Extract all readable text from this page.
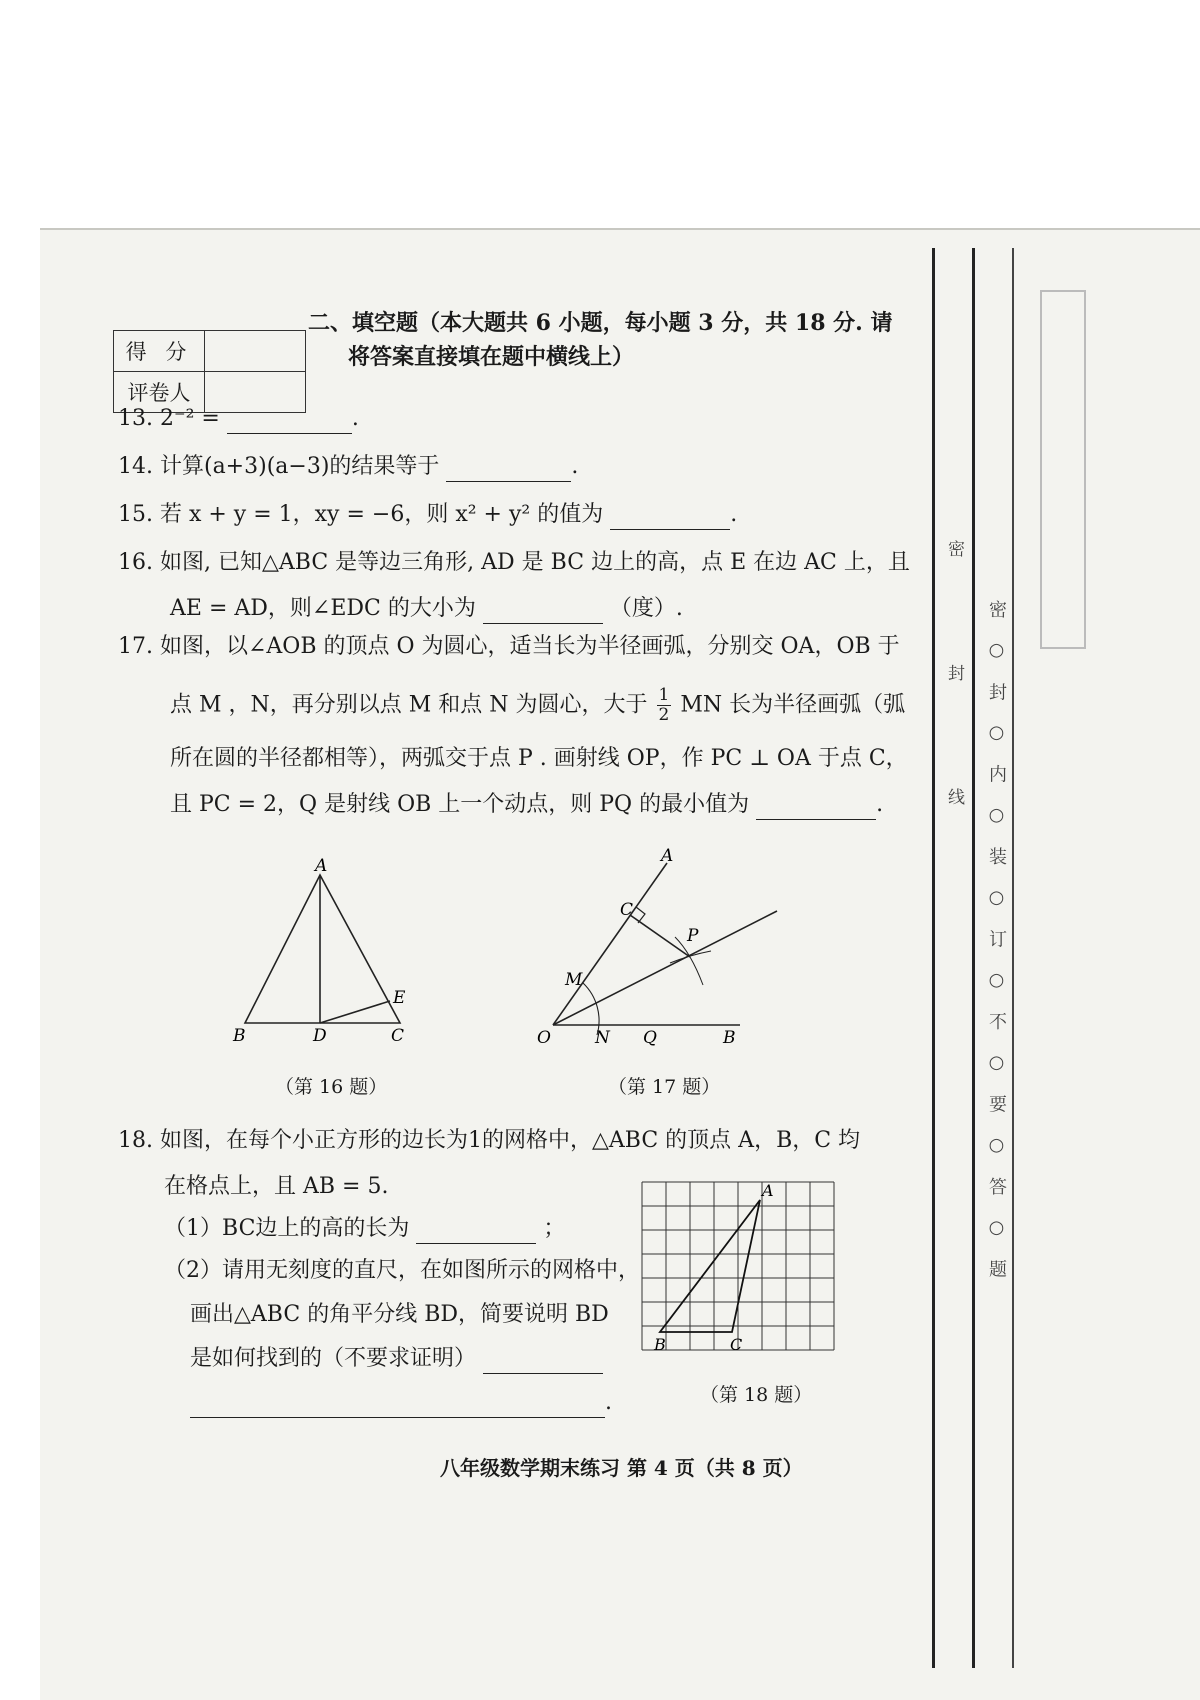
得 分	
评卷人	
二、填空题（本大题共 6 小题，每小题 3 分，共 18 分. 请
将答案直接填在题中横线上）
13. 2⁻² =	.
14. 计算(a+3)(a−3)的结果等于	.
15. 若 x + y = 1，xy = −6，则 x² + y² 的值为	.
16. 如图, 已知△ABC 是等边三角形, AD 是 BC 边上的高，点 E 在边 AC 上，且
AE = AD，则∠EDC 的大小为	（度）.
17. 如图，以∠AOB 的顶点 O 为圆心，适当长为半径画弧，分别交 OA，OB 于
点 M ，N，再分别以点 M 和点 N 为圆心，大于 $\frac{1}{2}$ MN 长为半径画弧（弧
所在圆的半径都相等），两弧交于点 P . 画射线 OP，作 PC ⊥ OA 于点 C，
且 PC = 2，Q 是射线 OB 上一个动点，则 PQ 的最小值为	.
A
B	D	C
E
（第 16 题）
A
C
P
M
O	N Q	B
（第 17 题）
18. 如图，在每个小正方形的边长为1的网格中，△ABC 的顶点 A，B，C 均
在格点上，且 AB = 5.
（1）BC边上的高的长为	；
（2）请用无刻度的直尺，在如图所示的网格中，
画出△ABC 的角平分线 BD，简要说明 BD
是如何找到的（不要求证明）
.
A
B	C
（第 18 题）
八年级数学期末练习 第 4 页（共 8 页）
密　封　线 密 ○ 封 ○ 内 ○ 装 ○ 订 ○ 不 ○ 要 ○ 答 ○ 题
